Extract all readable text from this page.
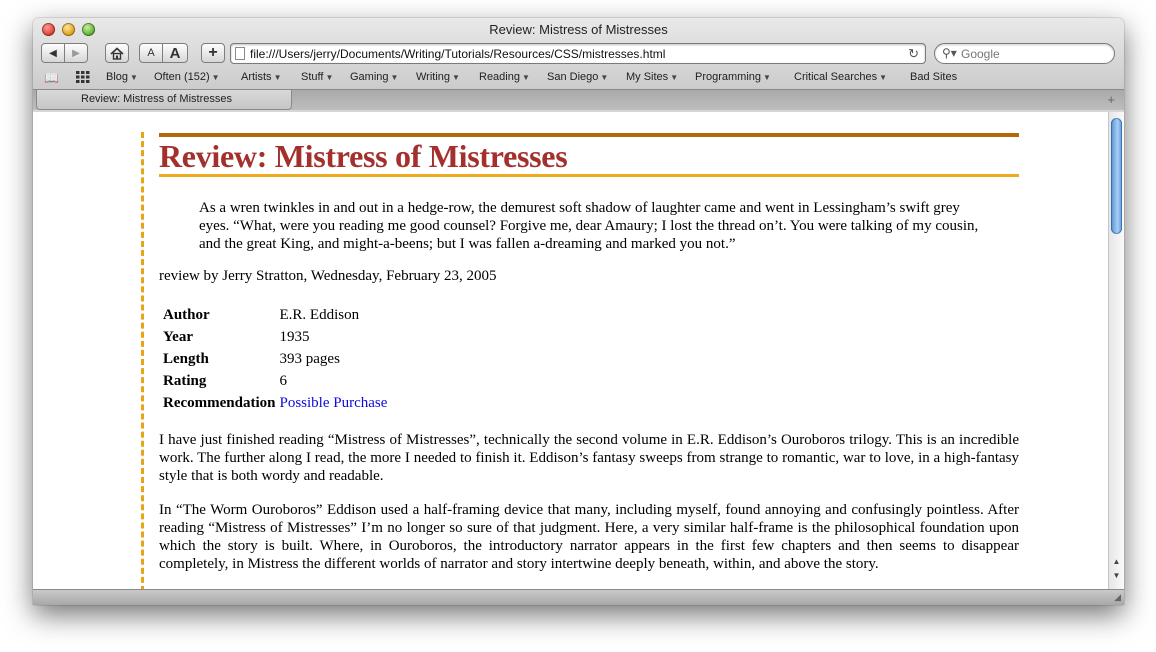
Review: Mistress of Mistresses
◀ ▶	A A +	file:///Users/jerry/Documents/Writing/Tutorials/Resources/CSS/mistresses.html	↻ ⚲▾
Google
📖	Blog ▼ Often (152) ▼ Artists ▼ Stuff ▼ Gaming ▼ Writing ▼ Reading ▼ San Diego ▼ My Sites ▼ Programming ▼ Critical Searches ▼ Bad Sites
Review: Mistress of Mistresses	+
Review: Mistress of Mistresses
As a wren twinkles in and out in a hedge-row, the demurest soft shadow of laughter came and went in Lessingham’s swift grey eyes. “What, were you reading me good counsel? Forgive me, dear Amaury; I lost the thread on’t. You were talking of my cousin, and the great King, and might-a-beens; but I was fallen a-dreaming and marked you not.”
review by Jerry Stratton, Wednesday, February 23, 2005
Author	E.R. Eddison
Year	1935
Length	393 pages
Rating	6
Recommendation	Possible Purchase

I have just finished reading “Mistress of Mistresses”, technically the second volume in E.R. Eddison’s Ouroboros trilogy. This is an incredible work. The further along I read, the more I needed to finish it. Eddison’s fantasy sweeps from strange to romantic, war to love, in a high-fantasy style that is both wordy and readable.

In “The Worm Ouroboros” Eddison used a half-framing device that many, including myself, found annoying and confusingly pointless. After reading “Mistress of Mistresses” I’m no longer so sure of that judgment. Here, a very similar half-frame is the philosophical foundation upon which the story is built. Where, in Ouroboros, the introductory narrator appears in the first few chapters and then seems to disappear completely, in Mistress the different worlds of narrator and story intertwine deeply beneath, within, and above the story.	▲
▼
◢
